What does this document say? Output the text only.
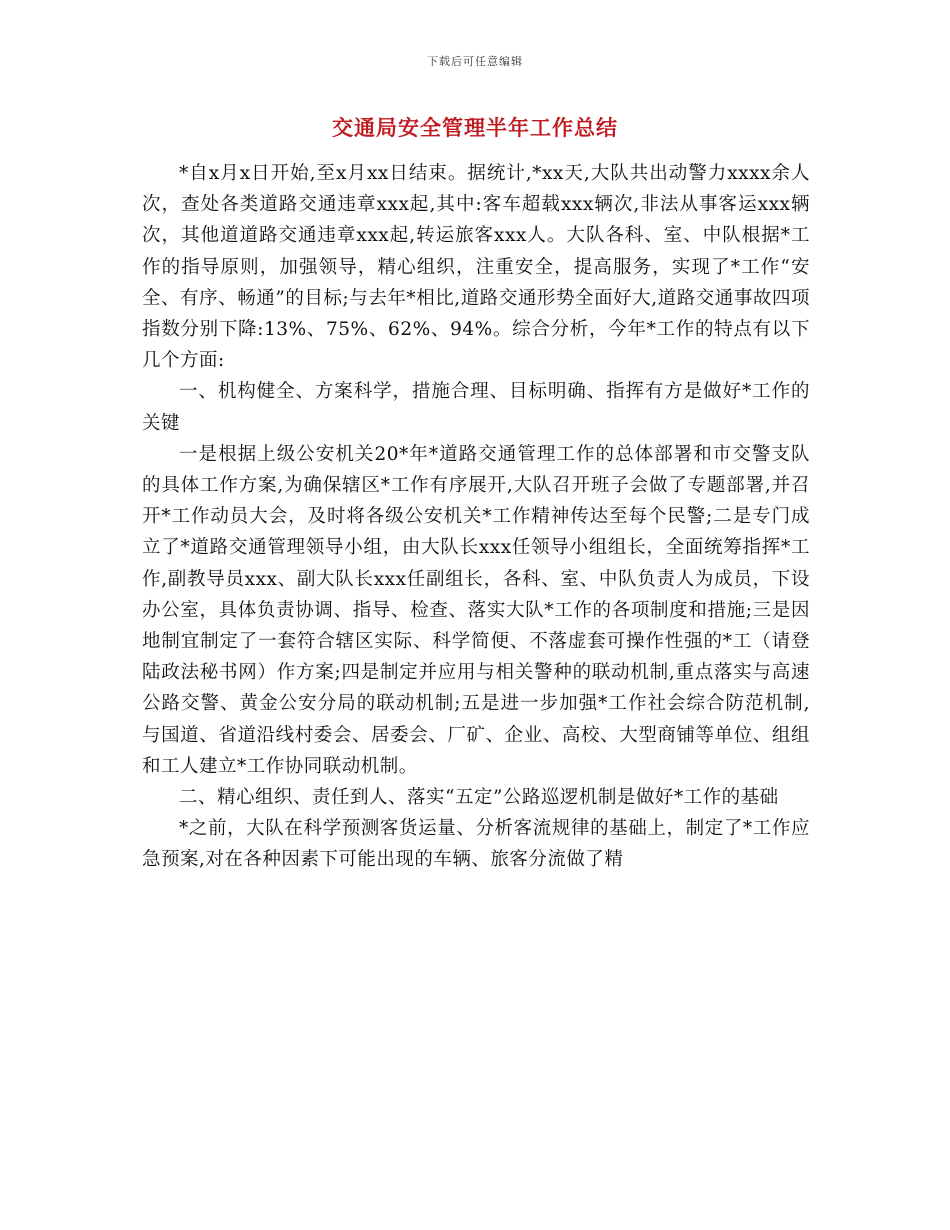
下载后可任意编辑
交通局安全管理半年工作总结

*自x月x日开始,至x月xx日结束。据统计,*xx天,大队共出动警力xxxx余人次，查处各类道路交通违章xxx起,其中:客车超载xxx辆次,非法从事客运xxx辆次，其他道道路交通违章xxx起,转运旅客xxx人。大队各科、室、中队根据*工作的指导原则，加强领导，精心组织，注重安全，提高服务，实现了*工作“安全、有序、畅通”的目标;与去年*相比,道路交通形势全面好大,道路交通事故四项指数分别下降:13%、75%、62%、94%。综合分析，今年*工作的特点有以下几个方面:

一、机构健全、方案科学，措施合理、目标明确、指挥有方是做好*工作的关键

一是根据上级公安机关20*年*道路交通管理工作的总体部署和市交警支队的具体工作方案,为确保辖区*工作有序展开,大队召开班子会做了专题部署,并召开*工作动员大会，及时将各级公安机关*工作精神传达至每个民警;二是专门成立了*道路交通管理领导小组，由大队长xxx任领导小组组长，全面统筹指挥*工作,副教导员xxx、副大队长xxx任副组长，各科、室、中队负责人为成员，下设办公室，具体负责协调、指导、检查、落实大队*工作的各项制度和措施;三是因地制宜制定了一套符合辖区实际、科学简便、不落虚套可操作性强的*工（请登陆政法秘书网）作方案;四是制定并应用与相关警种的联动机制,重点落实与高速公路交警、黄金公安分局的联动机制;五是进一步加强*工作社会综合防范机制,与国道、省道沿线村委会、居委会、厂矿、企业、高校、大型商铺等单位、组组和工人建立*工作协同联动机制。

二、精心组织、责任到人、落实“五定”公路巡逻机制是做好*工作的基础

*之前，大队在科学预测客货运量、分析客流规律的基础上，制定了*工作应急预案,对在各种因素下可能出现的车辆、旅客分流做了精
